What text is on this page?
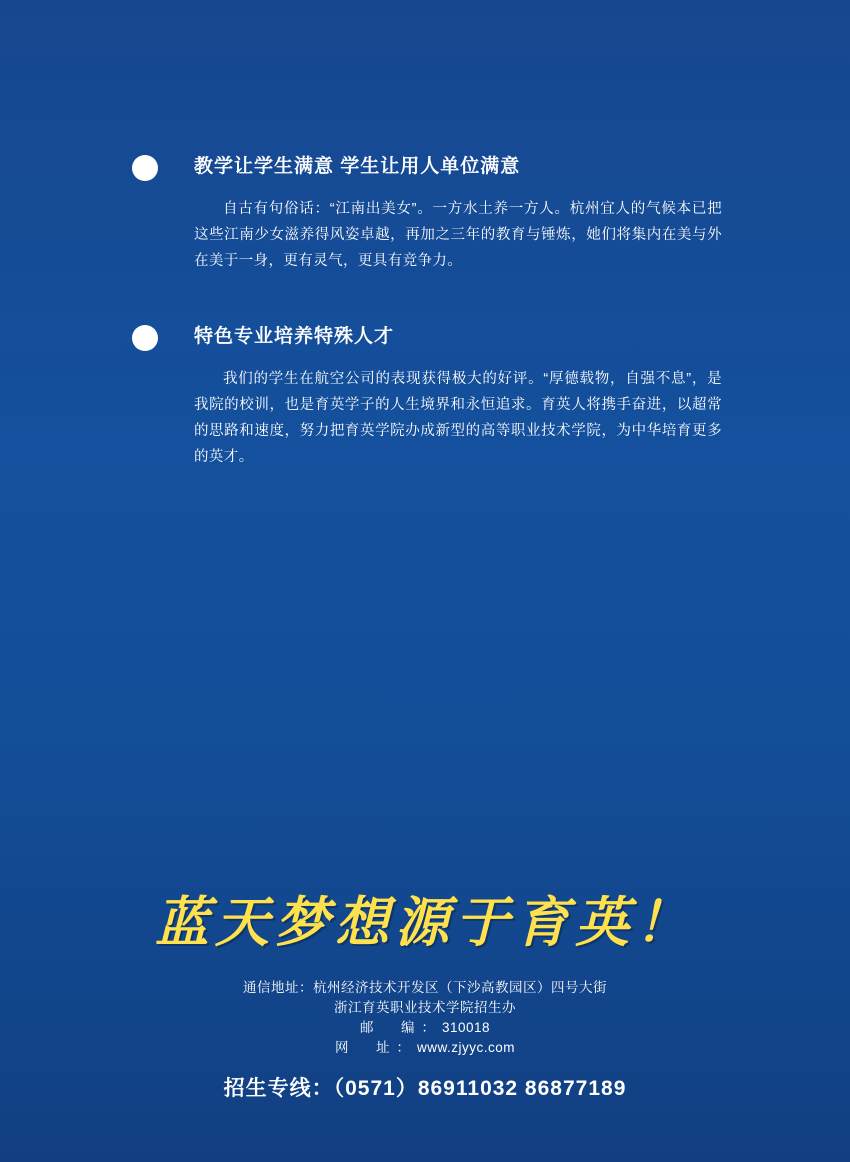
教学让学生满意 学生让用人单位满意
自古有句俗话：“江南出美女”。一方水土养一方人。杭州宜人的气候本已把这些江南少女滋养得风姿卓越，再加之三年的教育与锤炼，她们将集内在美与外在美于一身，更有灵气，更具有竞争力。
特色专业培养特殊人才
我们的学生在航空公司的表现获得极大的好评。“厚德载物，自强不息”，是我院的校训，也是育英学子的人生境界和永恒追求。育英人将携手奋进，以超常的思路和速度，努力把育英学院办成新型的高等职业技术学院，为中华培育更多的英才。
蓝天梦想源于育英！
通信地址：杭州经济技术开发区（下沙高教园区）四号大街
浙江育英职业技术学院招生办
邮　编：310018
网　址：www.zjyyc.com
招生专线：（0571）86911032 86877189
